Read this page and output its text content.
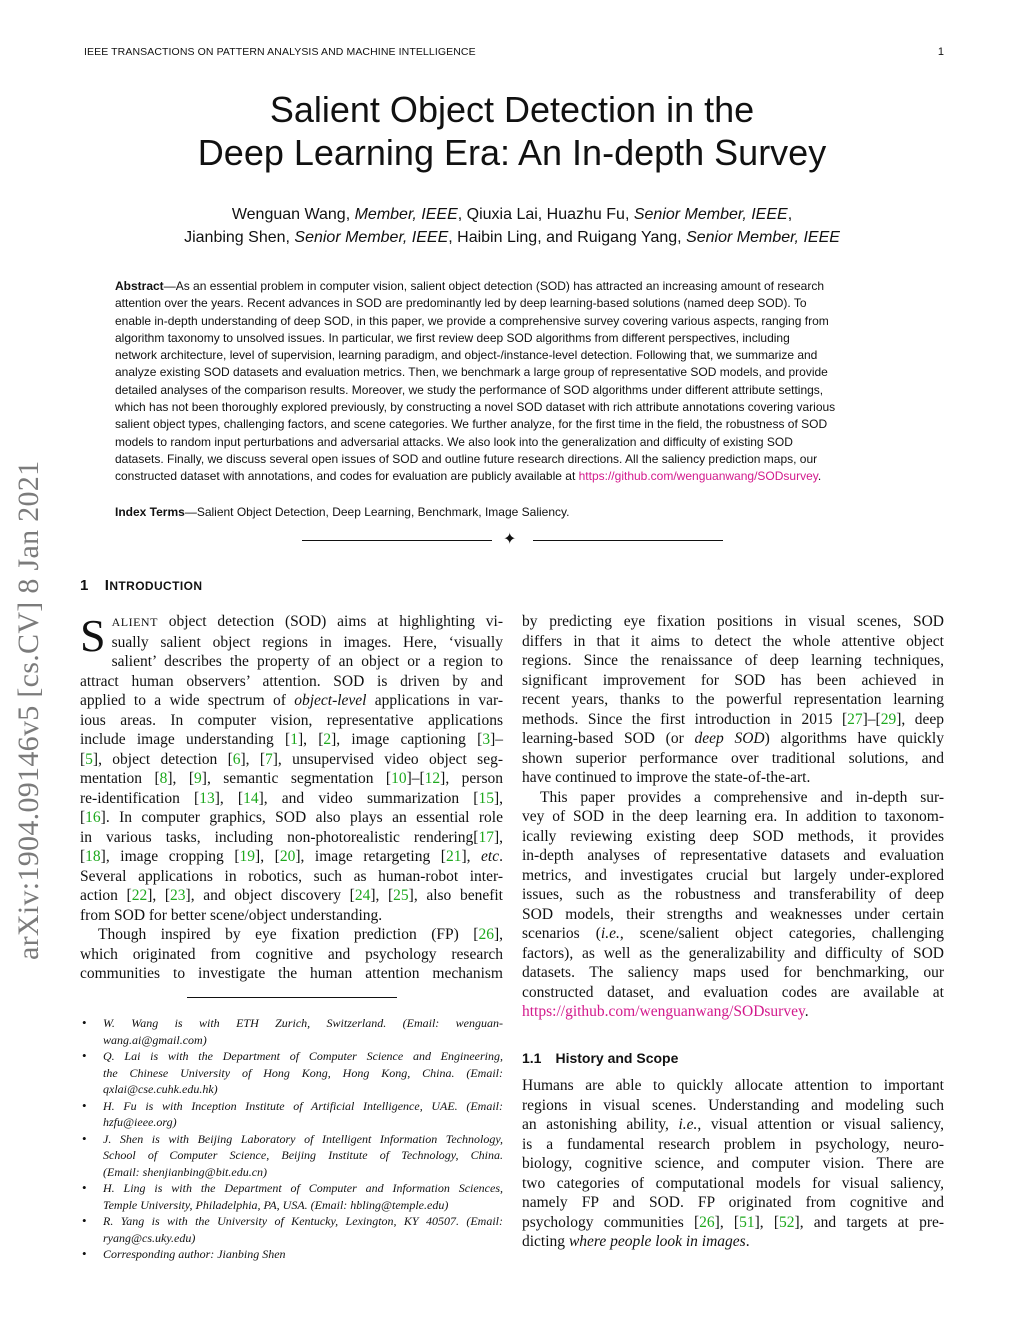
IEEE TRANSACTIONS ON PATTERN ANALYSIS AND MACHINE INTELLIGENCE	1
arXiv:1904.09146v5 [cs.CV] 8 Jan 2021
Salient Object Detection in the
Deep Learning Era: An In-depth Survey
Wenguan Wang, Member, IEEE, Qiuxia Lai, Huazhu Fu, Senior Member, IEEE,
Jianbing Shen, Senior Member, IEEE, Haibin Ling, and Ruigang Yang, Senior Member, IEEE
Abstract—As an essential problem in computer vision, salient object detection (SOD) has attracted an increasing amount of research
attention over the years. Recent advances in SOD are predominantly led by deep learning-based solutions (named deep SOD). To
enable in-depth understanding of deep SOD, in this paper, we provide a comprehensive survey covering various aspects, ranging from
algorithm taxonomy to unsolved issues. In particular, we first review deep SOD algorithms from different perspectives, including
network architecture, level of supervision, learning paradigm, and object-/instance-level detection. Following that, we summarize and
analyze existing SOD datasets and evaluation metrics. Then, we benchmark a large group of representative SOD models, and provide
detailed analyses of the comparison results. Moreover, we study the performance of SOD algorithms under different attribute settings,
which has not been thoroughly explored previously, by constructing a novel SOD dataset with rich attribute annotations covering various
salient object types, challenging factors, and scene categories. We further analyze, for the first time in the field, the robustness of SOD
models to random input perturbations and adversarial attacks. We also look into the generalization and difficulty of existing SOD
datasets. Finally, we discuss several open issues of SOD and outline future research directions. All the saliency prediction maps, our
constructed dataset with annotations, and codes for evaluation are publicly available at https://github.com/wenguanwang/SODsurvey.
Index Terms—Salient Object Detection, Deep Learning, Benchmark, Image Saliency.
✦
1 INTRODUCTION
S ALIENT object detection (SOD) aims at highlighting vi-
sually salient object regions in images. Here, ‘visually
salient’ describes the property of an object or a region to
attract human observers’ attention. SOD is driven by and
applied to a wide spectrum of object-level applications in var-
ious areas. In computer vision, representative applications
include image understanding [1], [2], image captioning [3]–
[5], object detection [6], [7], unsupervised video object seg-
mentation [8], [9], semantic segmentation [10]–[12], person
re-identification [13], [14], and video summarization [15],
[16]. In computer graphics, SOD also plays an essential role
in various tasks, including non-photorealistic rendering[17],
[18], image cropping [19], [20], image retargeting [21], etc.
Several applications in robotics, such as human-robot inter-
action [22], [23], and object discovery [24], [25], also benefit
from SOD for better scene/object understanding.
Though inspired by eye fixation prediction (FP) [26],
which originated from cognitive and psychology research
communities to investigate the human attention mechanism
• W. Wang is with ETH Zurich, Switzerland. (Email: wenguan-
wang.ai@gmail.com)
• Q. Lai is with the Department of Computer Science and Engineering,
the Chinese University of Hong Kong, Hong Kong, China. (Email:
qxlai@cse.cuhk.edu.hk)
• H. Fu is with Inception Institute of Artificial Intelligence, UAE. (Email:
hzfu@ieee.org)
• J. Shen is with Beijing Laboratory of Intelligent Information Technology,
School of Computer Science, Beijing Institute of Technology, China.
(Email: shenjianbing@bit.edu.cn)
• H. Ling is with the Department of Computer and Information Sciences,
Temple University, Philadelphia, PA, USA. (Email: hbling@temple.edu)
• R. Yang is with the University of Kentucky, Lexington, KY 40507. (Email:
ryang@cs.uky.edu)
• Corresponding author: Jianbing Shen
by predicting eye fixation positions in visual scenes, SOD
differs in that it aims to detect the whole attentive object
regions. Since the renaissance of deep learning techniques,
significant improvement for SOD has been achieved in
recent years, thanks to the powerful representation learning
methods. Since the first introduction in 2015 [27]–[29], deep
learning-based SOD (or deep SOD) algorithms have quickly
shown superior performance over traditional solutions, and
have continued to improve the state-of-the-art.
This paper provides a comprehensive and in-depth sur-
vey of SOD in the deep learning era. In addition to taxonom-
ically reviewing existing deep SOD methods, it provides
in-depth analyses of representative datasets and evaluation
metrics, and investigates crucial but largely under-explored
issues, such as the robustness and transferability of deep
SOD models, their strengths and weaknesses under certain
scenarios (i.e., scene/salient object categories, challenging
factors), as well as the generalizability and difficulty of SOD
datasets. The saliency maps used for benchmarking, our
constructed dataset, and evaluation codes are available at
https://github.com/wenguanwang/SODsurvey.
1.1 History and Scope
Humans are able to quickly allocate attention to important
regions in visual scenes. Understanding and modeling such
an astonishing ability, i.e., visual attention or visual saliency,
is a fundamental research problem in psychology, neuro-
biology, cognitive science, and computer vision. There are
two categories of computational models for visual saliency,
namely FP and SOD. FP originated from cognitive and
psychology communities [26], [51], [52], and targets at pre-
dicting where people look in images.
